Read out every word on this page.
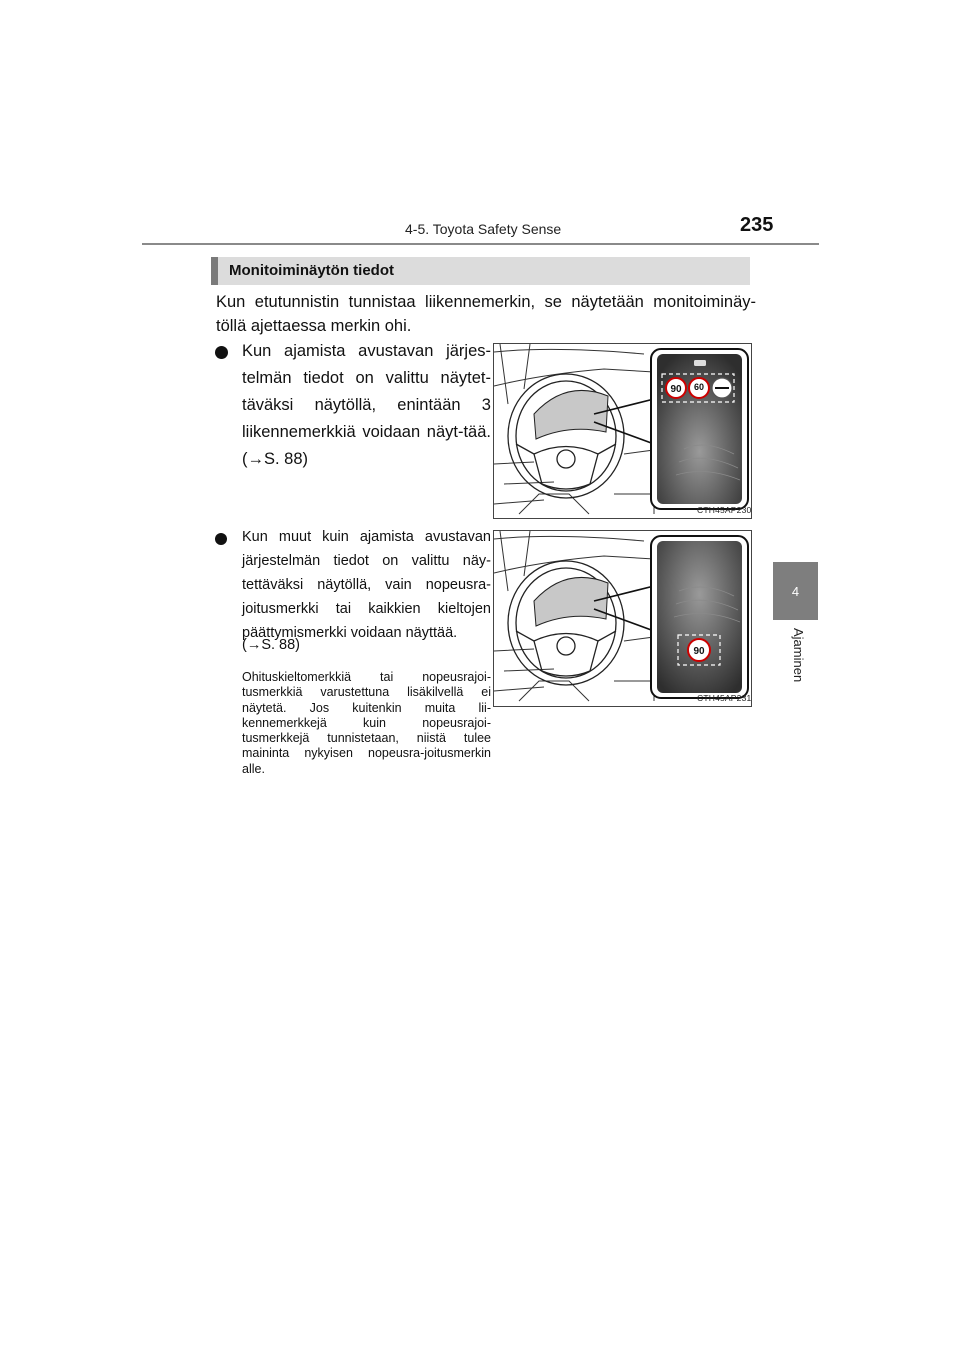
4-5. Toyota Safety Sense	235
4
Ajaminen
Monitoiminäytön tiedot
Kun etutunnistin tunnistaa liikennemerkin, se näytetään monitoiminäy-töllä ajettaessa merkin ohi.
Kun ajamista avustavan järjes-telmän tiedot on valittu näytet-täväksi näytöllä, enintään 3 liikennemerkkiä voidaan näyt-tää. (→S. 88)
Kun muut kuin ajamista avustavan järjestelmän tiedot on valittu näy-tettäväksi näytöllä, vain nopeusra-joitusmerkki tai kaikkien kieltojen päättymismerkki voidaan näyttää.
(→S. 88)
Ohituskieltomerkkiä tai nopeusrajoi-tusmerkkiä varustettuna lisäkilvellä ei näytetä. Jos kuitenkin muita lii-kennemerkkejä kuin nopeusrajoi-tusmerkkejä tunnistetaan, niistä tulee maininta nykyisen nopeusra-joitusmerkin alle.
90 60
CTH45AP230
90
CTH45AP231
